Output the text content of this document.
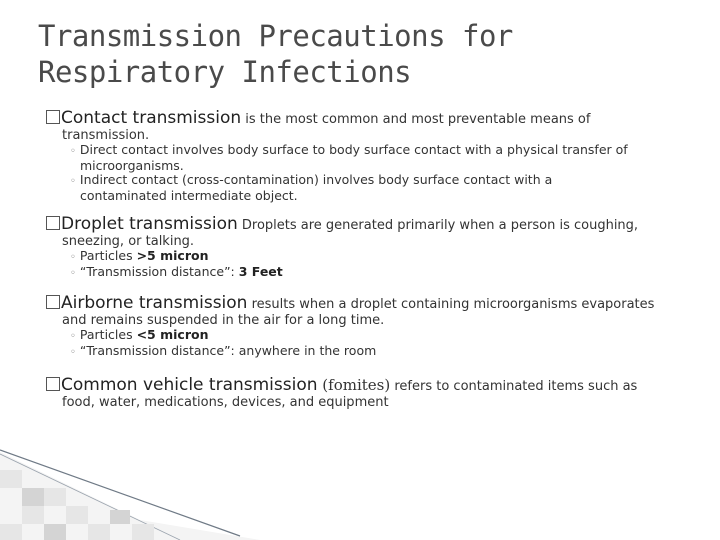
Transmission Precautions for Respiratory Infections
Contact transmission is the most common and most preventable means of
transmission.
◦ Direct contact involves body surface to body surface contact with a physical transfer of
microorganisms.
◦ Indirect contact (cross-contamination) involves body surface contact with a
contaminated intermediate object.
Droplet transmission Droplets are generated primarily when a person is coughing,
sneezing, or talking.
◦ Particles >5 micron
◦ “Transmission distance”: 3 Feet
Airborne transmission results when a droplet containing microorganisms evaporates
and remains suspended in the air for a long time.
◦ Particles <5 micron
◦ “Transmission distance”: anywhere in the room
Common vehicle transmission (fomites) refers to contaminated items such as
food, water, medications, devices, and equipment
